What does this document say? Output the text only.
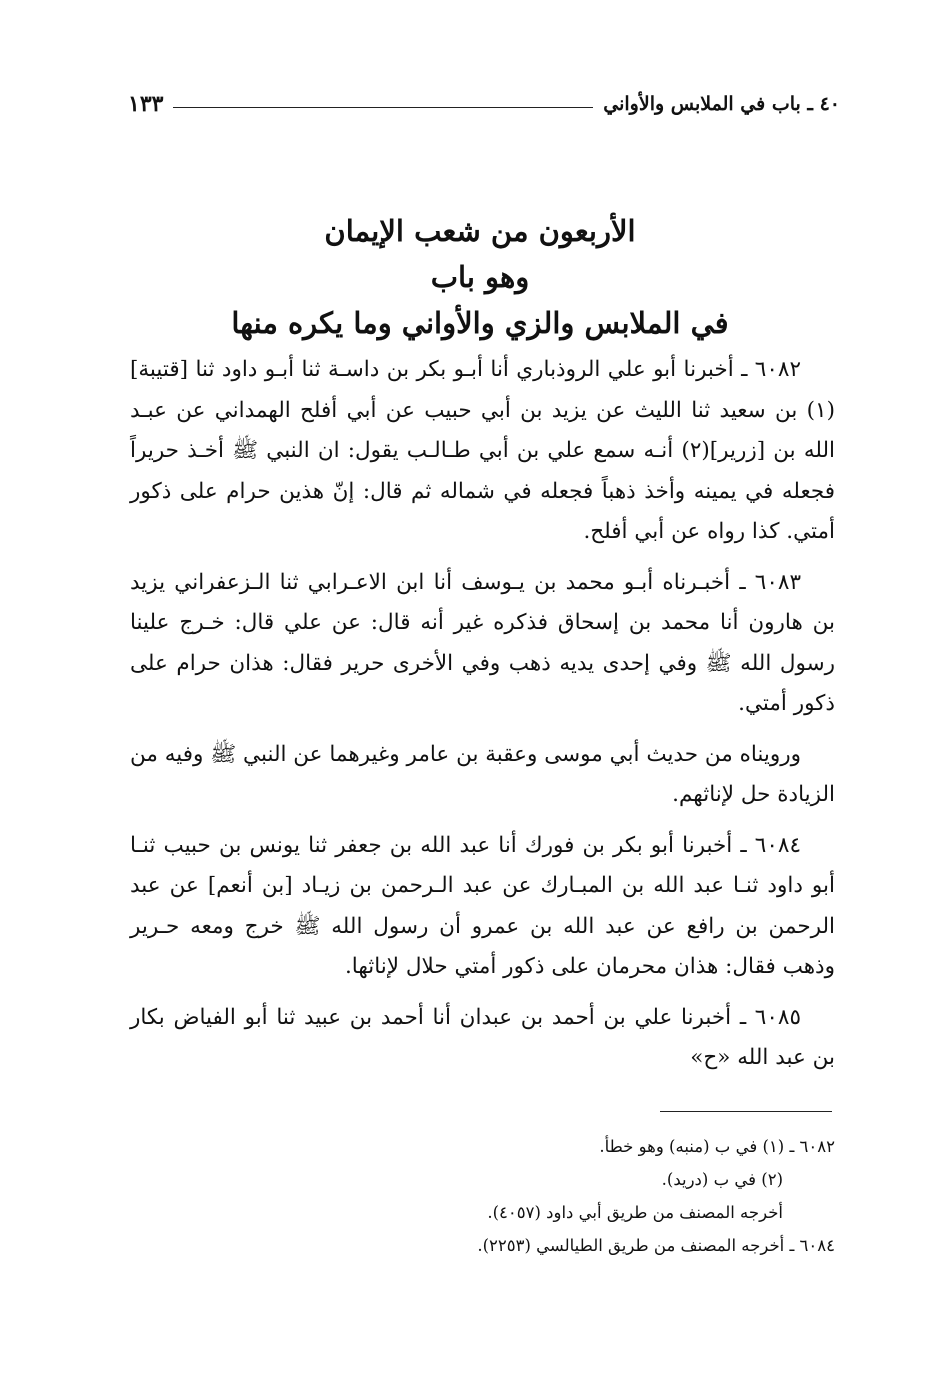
٤٠ ـ باب في الملابس والأواني
١٣٣
الأربعون من شعب الإيمان
وهو باب
في الملابس والزي والأواني وما يكره منها

٦٠٨٢ ـ أخبرنا أبو علي الروذباري أنا أبـو بكر بن داسـة ثنا أبـو داود ثنا [قتيبة](١) بن سعيد ثنا الليث عن يزيد بن أبي حبيب عن أبي أفلح الهمداني عن عبـد الله بن [زرير](٢) أنـه سمع علي بن أبي طـالـب يقول: ان النبي ﷺ أخـذ حريراً فجعله في يمينه وأخذ ذهباً فجعله في شماله ثم قال: إنّ هذين حرام على ذكور أمتي. كذا رواه عن أبي أفلح.

٦٠٨٣ ـ أخبـرناه أبـو محمد بن يـوسف أنا ابن الاعـرابي ثنا الـزعفراني يزيد بن هارون أنا محمد بن إسحاق فذكره غير أنه قال: عن علي قال: خـرج علينا رسول الله ﷺ وفي إحدى يديه ذهب وفي الأخرى حرير فقال: هذان حرام على ذكور أمتي.

ورويناه من حديث أبي موسى وعقبة بن عامر وغيرهما عن النبي ﷺ وفيه من الزيادة حل لإناثهم.

٦٠٨٤ ـ أخبرنا أبو بكر بن فورك أنا عبد الله بن جعفر ثنا يونس بن حبيب ثنـا أبو داود ثنـا عبد الله بن المبـارك عن عبد الـرحمن بن زيـاد [بن أنعم] عن عبد الرحمن بن رافع عن عبد الله بن عمرو أن رسول الله ﷺ خرج ومعه حـرير وذهب فقال: هذان محرمان على ذكور أمتي حلال لإناثها.

٦٠٨٥ ـ أخبرنا علي بن أحمد بن عبدان أنا أحمد بن عبيد ثنا أبو الفياض بكار بن عبد الله «ح»

٦٠٨٢ ـ (١) في ب (منبه) وهو خطأ.
(٢) في ب (دريد).
أخرجه المصنف من طريق أبي داود (٤٠٥٧).
٦٠٨٤ ـ أخرجه المصنف من طريق الطيالسي (٢٢٥٣).
